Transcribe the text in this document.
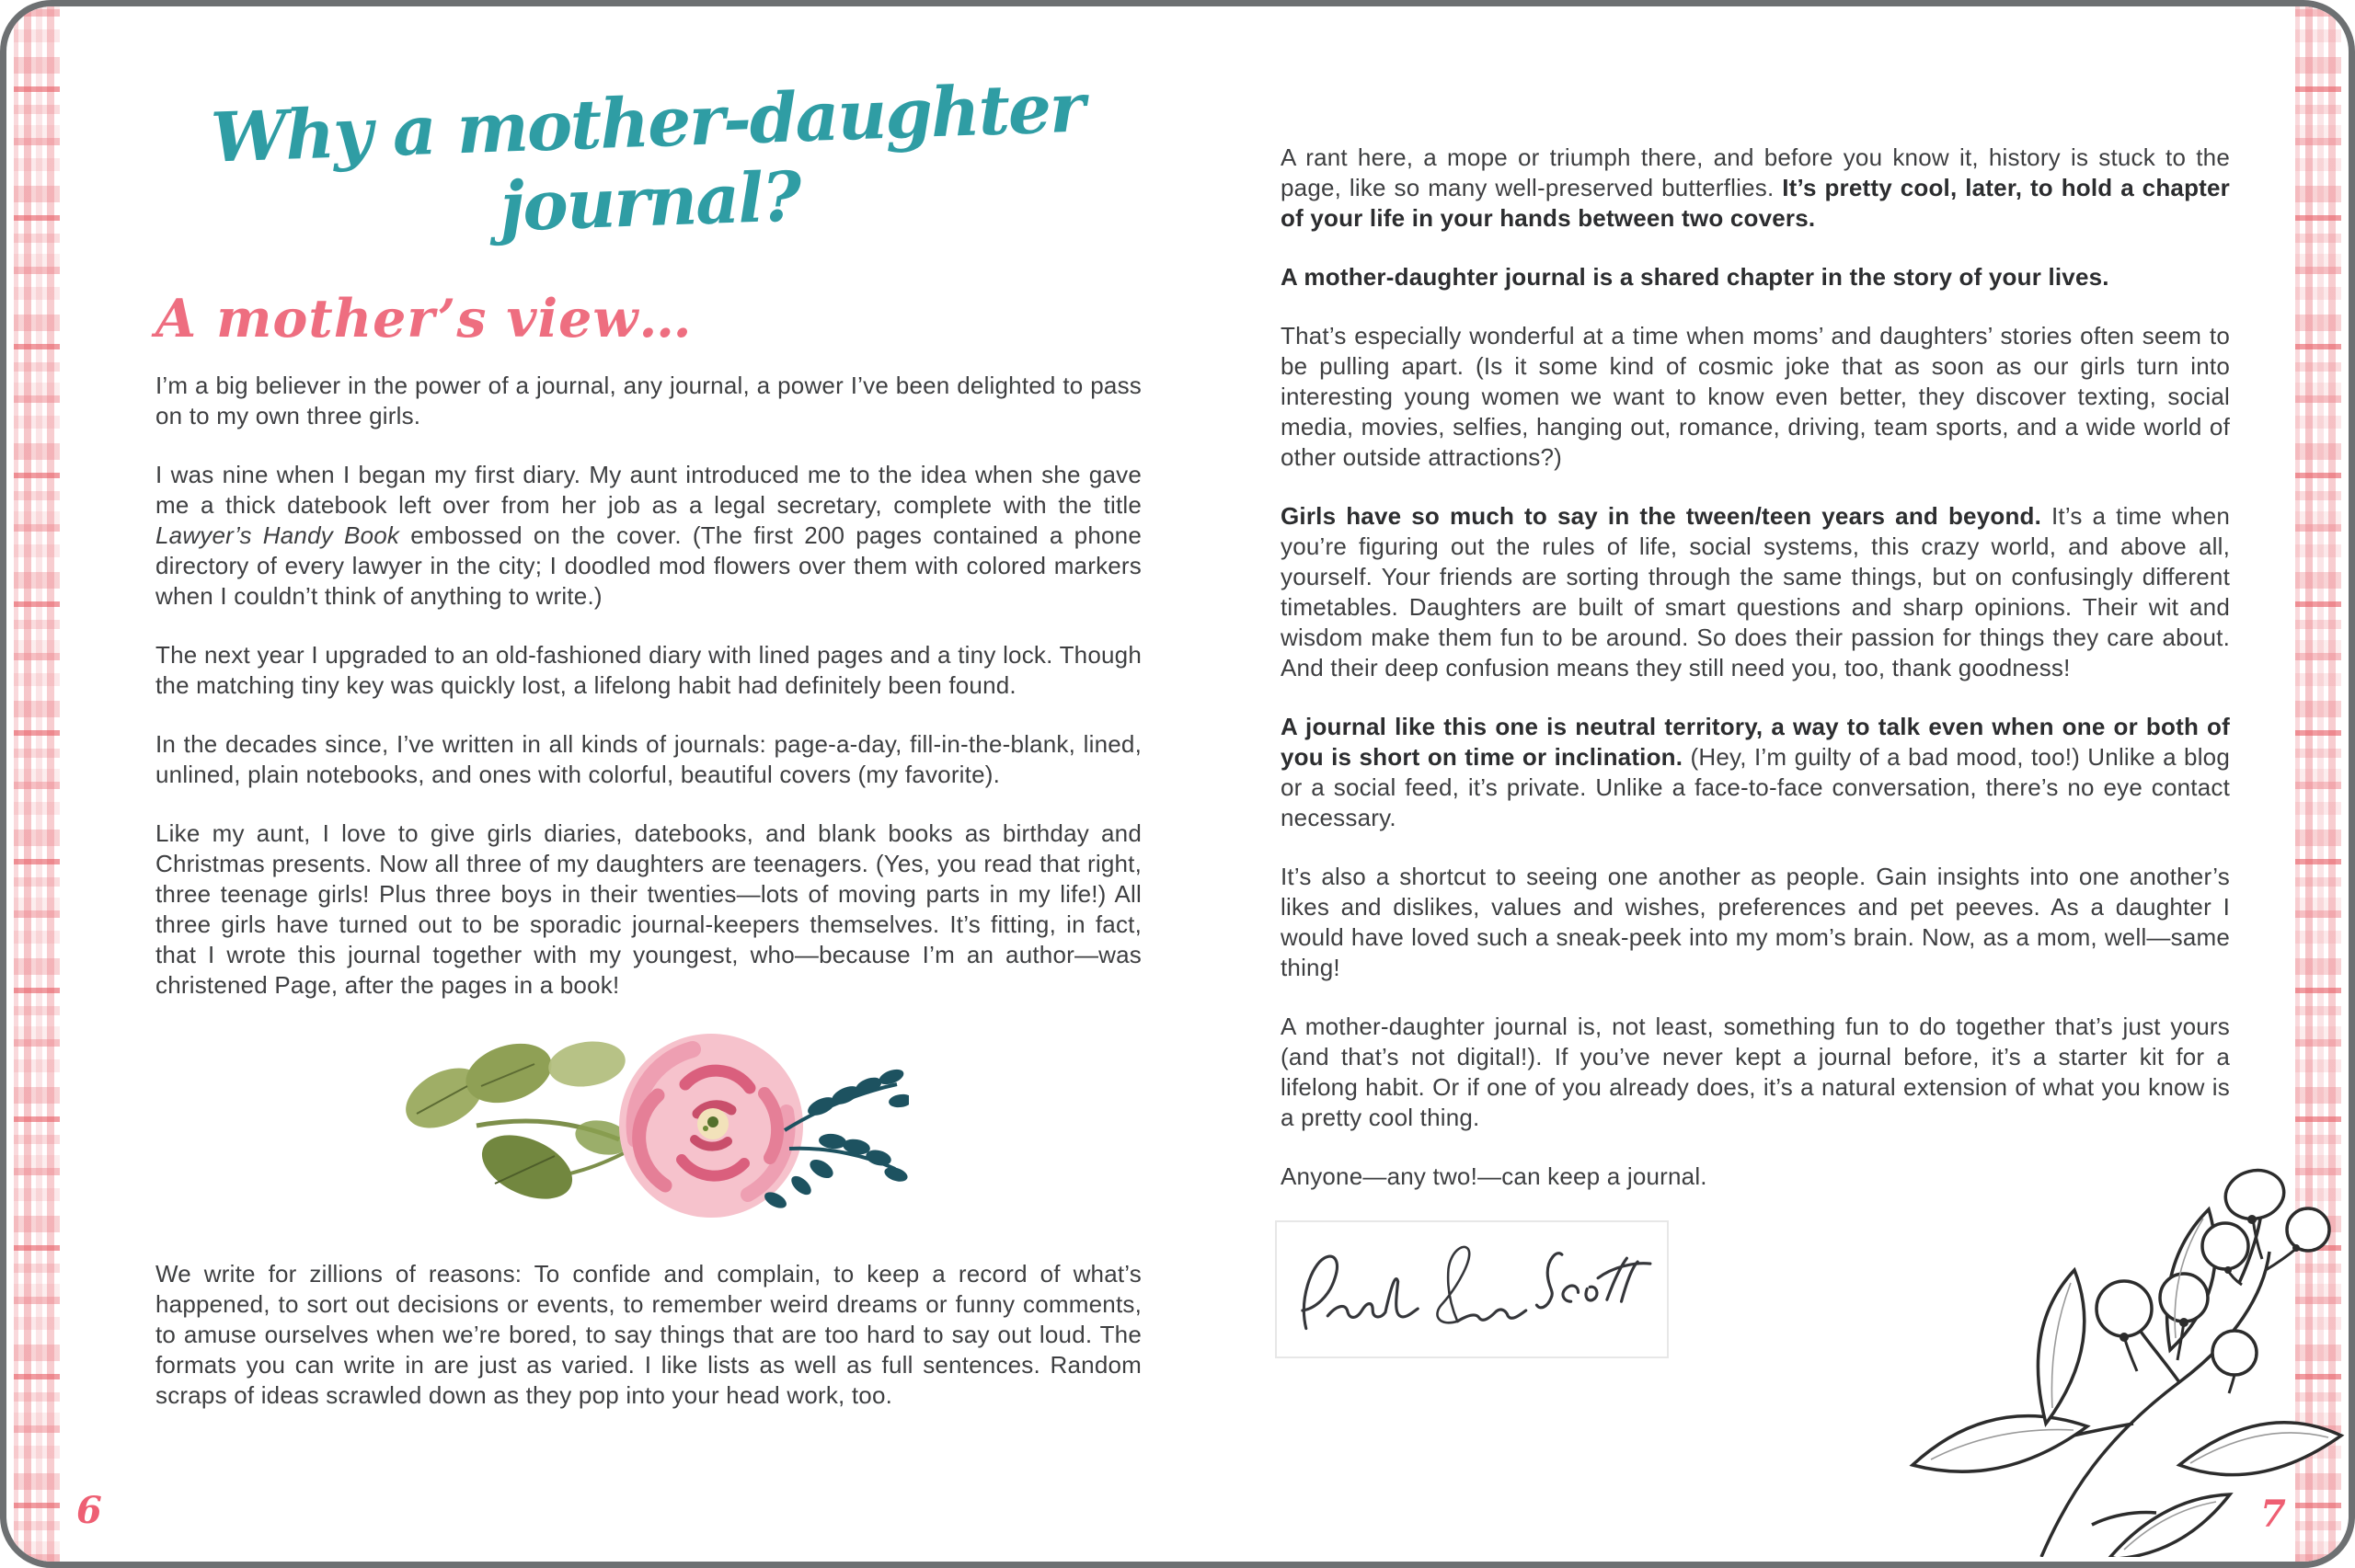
Why a mother-daughter journal?
A mother’s view…

I’m a big believer in the power of a journal, any journal, a power I’ve been delighted to pass on to my own three girls.

I was nine when I began my first diary. My aunt introduced me to the idea when she gave me a thick datebook left over from her job as a legal secretary, complete with the title Lawyer’s Handy Book embossed on the cover. (The first 200 pages contained a phone directory of every lawyer in the city; I doodled mod flowers over them with colored markers when I couldn’t think of anything to write.)

The next year I upgraded to an old-fashioned diary with lined pages and a tiny lock. Though the matching tiny key was quickly lost, a lifelong habit had definitely been found.

In the decades since, I’ve written in all kinds of journals: page-a-day, fill-in-the-blank, lined, unlined, plain notebooks, and ones with colorful, beautiful covers (my favorite).

Like my aunt, I love to give girls diaries, datebooks, and blank books as birthday and Christmas presents. Now all three of my daughters are teenagers. (Yes, you read that right, three teenage girls! Plus three boys in their twenties—lots of moving parts in my life!) All three girls have turned out to be sporadic journal-keepers themselves. It’s fitting, in fact, that I wrote this journal together with my youngest, who—because I’m an author—was christened Page, after the pages in a book!

We write for zillions of reasons: To confide and complain, to keep a record of what’s happened, to sort out decisions or events, to remember weird dreams or funny comments, to amuse ourselves when we’re bored, to say things that are too hard to say out loud. The formats you can write in are just as varied. I like lists as well as full sentences. Random scraps of ideas scrawled down as they pop into your head work, too.

A rant here, a mope or triumph there, and before you know it, history is stuck to the page, like so many well-preserved butterflies. It’s pretty cool, later, to hold a chapter of your life in your hands between two covers.

A mother-daughter journal is a shared chapter in the story of your lives.

That’s especially wonderful at a time when moms’ and daughters’ stories often seem to be pulling apart. (Is it some kind of cosmic joke that as soon as our girls turn into interesting young women we want to know even better, they discover texting, social media, movies, selfies, hanging out, romance, driving, team sports, and a wide world of other outside attractions?)

Girls have so much to say in the tween/teen years and beyond. It’s a time when you’re figuring out the rules of life, social systems, this crazy world, and above all, yourself. Your friends are sorting through the same things, but on confusingly different timetables. Daughters are built of smart questions and sharp opinions. Their wit and wisdom make them fun to be around. So does their passion for things they care about. And their deep confusion means they still need you, too, thank goodness!

A journal like this one is neutral territory, a way to talk even when one or both of you is short on time or inclination. (Hey, I’m guilty of a bad mood, too!) Unlike a blog or a social feed, it’s private. Unlike a face-to-face conversation, there’s no eye contact necessary.

It’s also a shortcut to seeing one another as people. Gain insights into one another’s likes and dislikes, values and wishes, preferences and pet peeves. As a daughter I would have loved such a sneak-peek into my mom’s brain. Now, as a mom, well—same thing!

A mother-daughter journal is, not least, something fun to do together that’s just yours (and that’s not digital!). If you’ve never kept a journal before, it’s a starter kit for a lifelong habit. Or if one of you already does, it’s a natural extension of what you know is a pretty cool thing.

Anyone—any two!—can keep a journal.

6	7
